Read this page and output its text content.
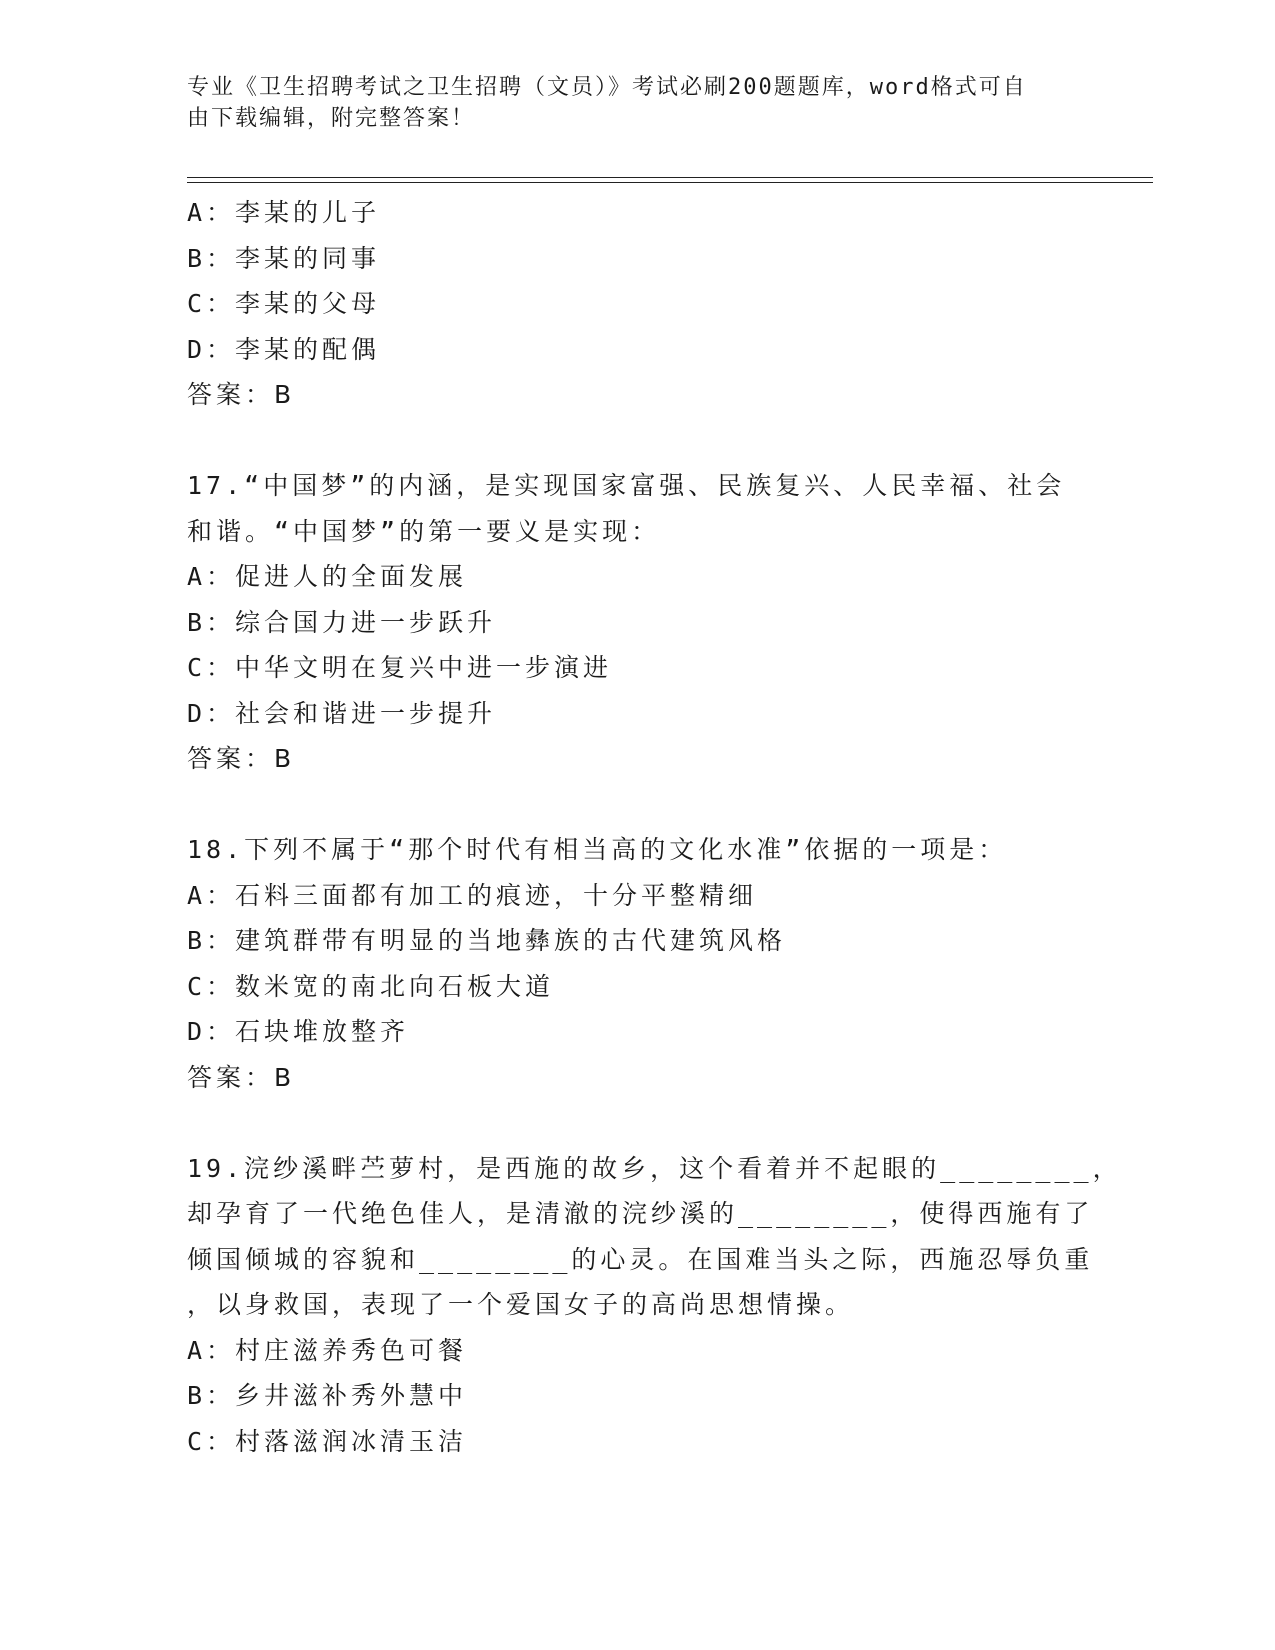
专业《卫生招聘考试之卫生招聘（文员）》考试必刷200题题库，word格式可自
由下载编辑，附完整答案！
A：李某的儿子
B：李某的同事
C：李某的父母
D：李某的配偶
答案：B
17.“中国梦”的内涵，是实现国家富强、民族复兴、人民幸福、社会
和谐。“中国梦”的第一要义是实现：
A：促进人的全面发展
B：综合国力进一步跃升
C：中华文明在复兴中进一步演进
D：社会和谐进一步提升
答案：B
18.下列不属于“那个时代有相当高的文化水准”依据的一项是：
A：石料三面都有加工的痕迹，十分平整精细
B：建筑群带有明显的当地彝族的古代建筑风格
C：数米宽的南北向石板大道
D：石块堆放整齐
答案：B
19.浣纱溪畔苎萝村，是西施的故乡，这个看着并不起眼的________，
却孕育了一代绝色佳人，是清澈的浣纱溪的________，使得西施有了
倾国倾城的容貌和________的心灵。在国难当头之际，西施忍辱负重
，以身救国，表现了一个爱国女子的高尚思想情操。
A：村庄滋养秀色可餐
B：乡井滋补秀外慧中
C：村落滋润冰清玉洁
